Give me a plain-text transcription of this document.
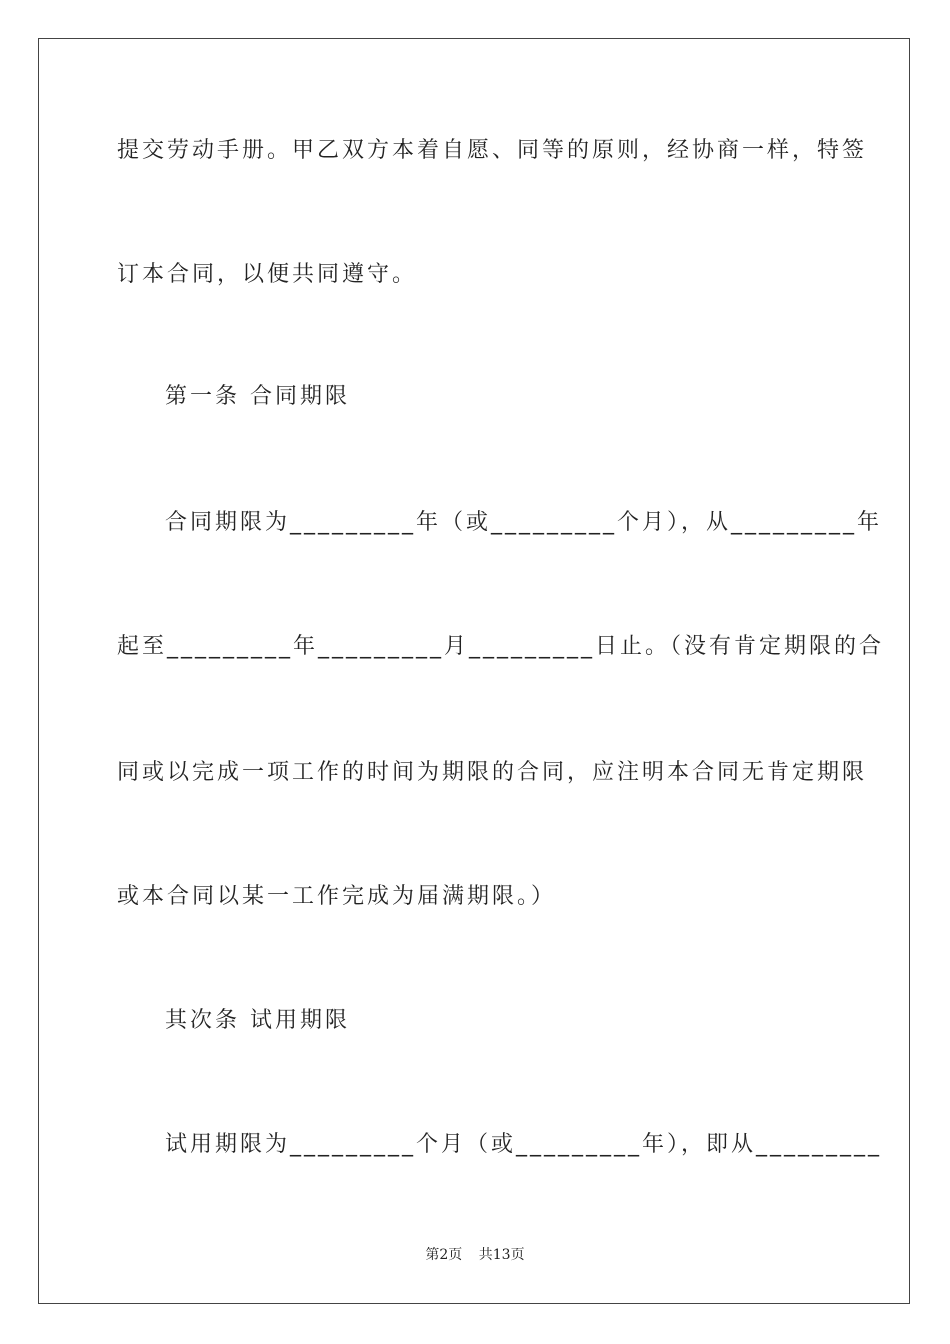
提交劳动手册。甲乙双方本着自愿、同等的原则，经协商一样，特签
订本合同，以便共同遵守。
第一条 合同期限
合同期限为_________年（或_________个月），从_________年
起至_________年_________月_________日止。（没有肯定期限的合
同或以完成一项工作的时间为期限的合同，应注明本合同无肯定期限
或本合同以某一工作完成为届满期限。）
其次条 试用期限
试用期限为_________个月（或_________年），即从_________
第2页 共13页
